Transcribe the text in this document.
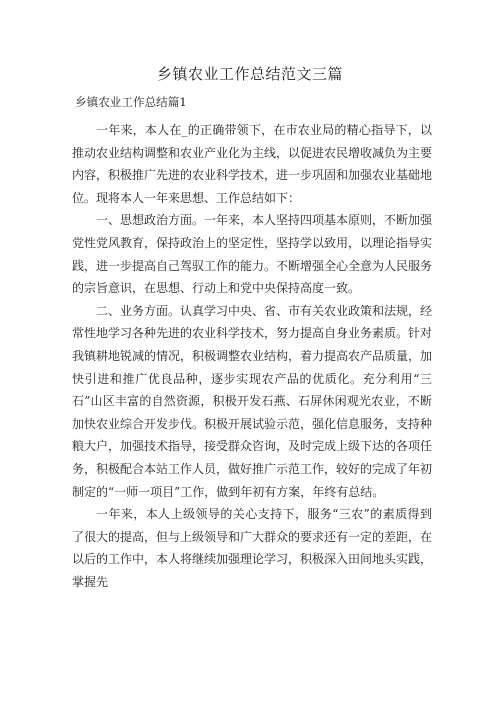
乡镇农业工作总结范文三篇
乡镇农业工作总结篇1

一年来，本人在_的正确带领下，在市农业局的精心指导下，以推动农业结构调整和农业产业化为主线，以促进农民增收减负为主要内容，积极推广先进的农业科学技术，进一步巩固和加强农业基础地位。现将本人一年来思想、工作总结如下：

一、思想政治方面。一年来，本人坚持四项基本原则，不断加强党性党风教育，保持政治上的坚定性，坚持学以致用，以理论指导实践，进一步提高自己驾驭工作的能力。不断增强全心全意为人民服务的宗旨意识，在思想、行动上和党中央保持高度一致。

二、业务方面。认真学习中央、省、市有关农业政策和法规，经常性地学习各种先进的农业科学技术，努力提高自身业务素质。针对我镇耕地锐减的情况，积极调整农业结构，着力提高农产品质量，加快引进和推广优良品种，逐步实现农产品的优质化。充分利用“三石”山区丰富的自然资源，积极开发石燕、石屏休闲观光农业，不断加快农业综合开发步伐。积极开展试验示范，强化信息服务，支持种粮大户，加强技术指导，接受群众咨询，及时完成上级下达的各项任务，积极配合本站工作人员，做好推广示范工作，较好的完成了年初制定的“一师一项目”工作，做到年初有方案，年终有总结。

一年来，本人上级领导的关心支持下，服务“三农”的素质得到了很大的提高，但与上级领导和广大群众的要求还有一定的差距，在以后的工作中，本人将继续加强理论学习，积极深入田间地头实践，掌握先
